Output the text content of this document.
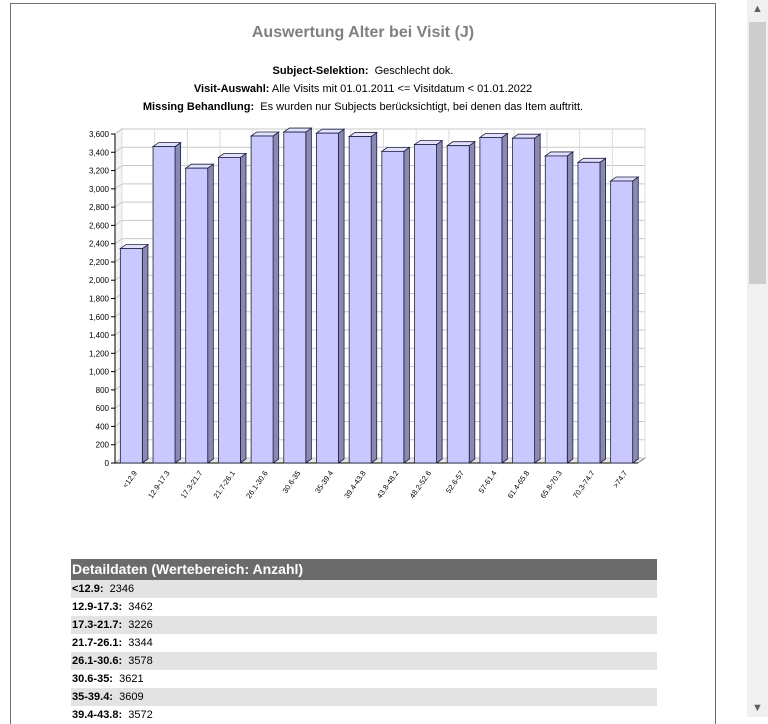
Auswertung Alter bei Visit (J)
Subject-Selektion: Geschlecht dok.
Visit-Auswahl: Alle Visits mit 01.01.2011 <= Visitdatum < 01.01.2022
Missing Behandlung: Es wurden nur Subjects berücksichtigt, bei denen das Item auftritt.
0
200
400
600
800
1,000
1,200
1,400
1,600
1,800
2,000
2,200
2,400
2,600
2,800
3,000
3,200
3,400
3,600
<12.9 12.9-17.3 17.3-21.7 21.7-26.1 26.1-30.6 30.6-35 35-39.4 39.4-43.8 43.8-48.2 48.2-52.6 52.6-57 57-61.4 61.4-65.8 65.8-70.3 70.3-74.7 >74.7
Detaildaten (Wertebereich: Anzahl)
<12.9: 2346
12.9-17.3: 3462
17.3-21.7: 3226
21.7-26.1: 3344
26.1-30.6: 3578
30.6-35: 3621
35-39.4: 3609
39.4-43.8: 3572
▲
▼
